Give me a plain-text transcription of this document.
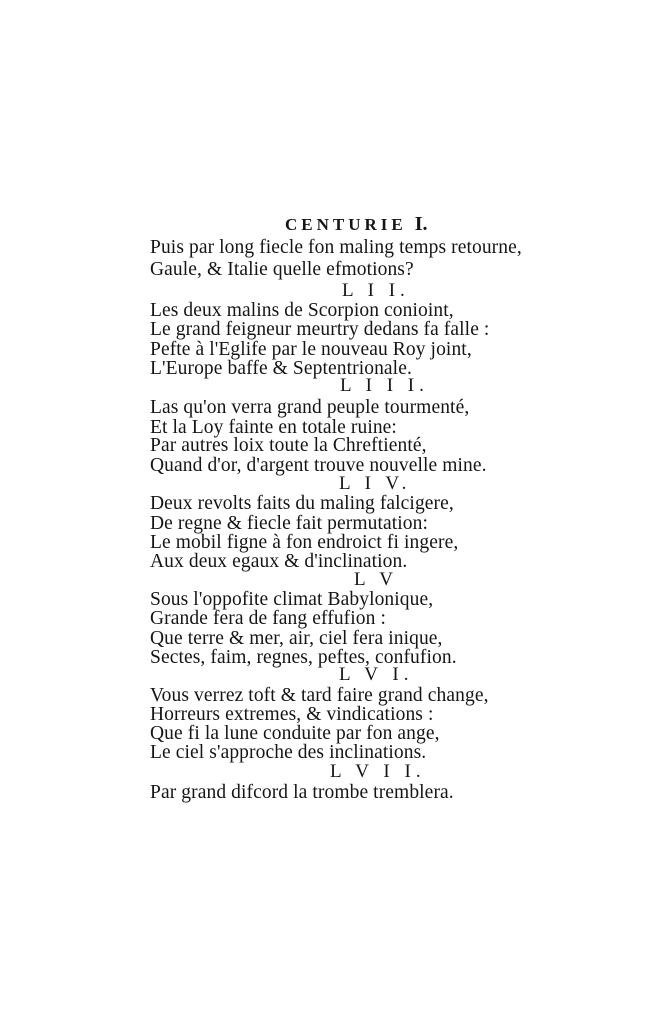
CENTURIE I.
Puis par long fiecle fon maling temps retourne,
Gaule, & Italie quelle efmotions?
L I I.
Les deux malins de Scorpion conioint,
Le grand feigneur meurtry dedans fa falle :
Pefte à l'Eglife par le nouveau Roy joint,
L'Europe baffe & Septentrionale.
L I I I.
Las qu'on verra grand peuple tourmenté,
Et la Loy fainte en totale ruine:
Par autres loix toute la Chreftienté,
Quand d'or, d'argent trouve nouvelle mine.
L I V.
Deux revolts faits du maling falcigere,
De regne & fiecle fait permutation:
Le mobil figne à fon endroict fi ingere,
Aux deux egaux & d'inclination.
L V
Sous l'oppofite climat Babylonique,
Grande fera de fang effufion :
Que terre & mer, air, ciel fera inique,
Sectes, faim, regnes, peftes, confufion.
L V I.
Vous verrez toft & tard faire grand change,
Horreurs extremes, & vindications :
Que fi la lune conduite par fon ange,
Le ciel s'approche des inclinations.
L V I I.
Par grand difcord la trombe tremblera.
